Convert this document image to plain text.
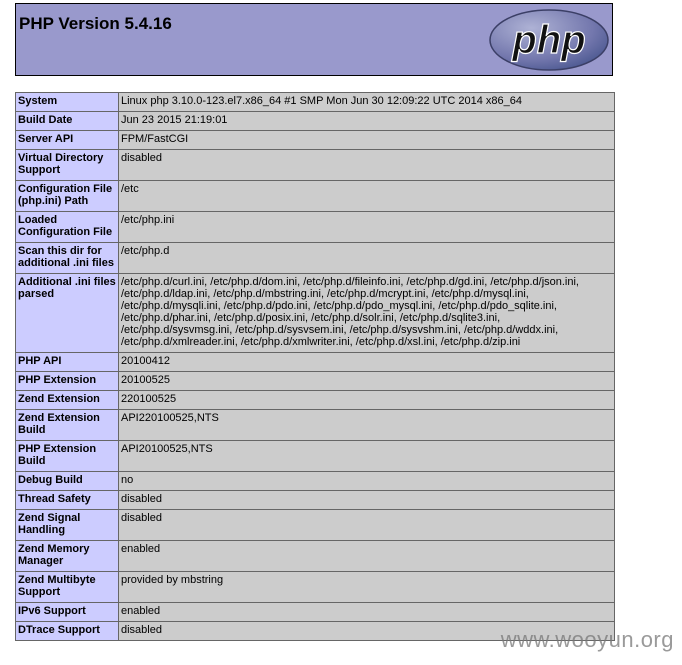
PHP Version 5.4.16	php
System	Linux php 3.10.0-123.el7.x86_64 #1 SMP Mon Jun 30 12:09:22 UTC 2014 x86_64
Build Date	Jun 23 2015 21:19:01
Server API	FPM/FastCGI
Virtual Directory Support	disabled
Configuration File (php.ini) Path	/etc
Loaded Configuration File	/etc/php.ini
Scan this dir for additional .ini files	/etc/php.d
Additional .ini files parsed	/etc/php.d/curl.ini, /etc/php.d/dom.ini, /etc/php.d/fileinfo.ini, /etc/php.d/gd.ini, /etc/php.d/json.ini, /etc/php.d/ldap.ini, /etc/php.d/mbstring.ini, /etc/php.d/mcrypt.ini, /etc/php.d/mysql.ini, /etc/php.d/mysqli.ini, /etc/php.d/pdo.ini, /etc/php.d/pdo_mysql.ini, /etc/php.d/pdo_sqlite.ini, /etc/php.d/phar.ini, /etc/php.d/posix.ini, /etc/php.d/solr.ini, /etc/php.d/sqlite3.ini, /etc/php.d/sysvmsg.ini, /etc/php.d/sysvsem.ini, /etc/php.d/sysvshm.ini, /etc/php.d/wddx.ini, /etc/php.d/xmlreader.ini, /etc/php.d/xmlwriter.ini, /etc/php.d/xsl.ini, /etc/php.d/zip.ini
PHP API	20100412
PHP Extension	20100525
Zend Extension	220100525
Zend Extension Build	API220100525,NTS
PHP Extension Build	API20100525,NTS
Debug Build	no
Thread Safety	disabled
Zend Signal Handling	disabled
Zend Memory Manager	enabled
Zend Multibyte Support	provided by mbstring
IPv6 Support	enabled
DTrace Support	disabled	www.wooyun.org
